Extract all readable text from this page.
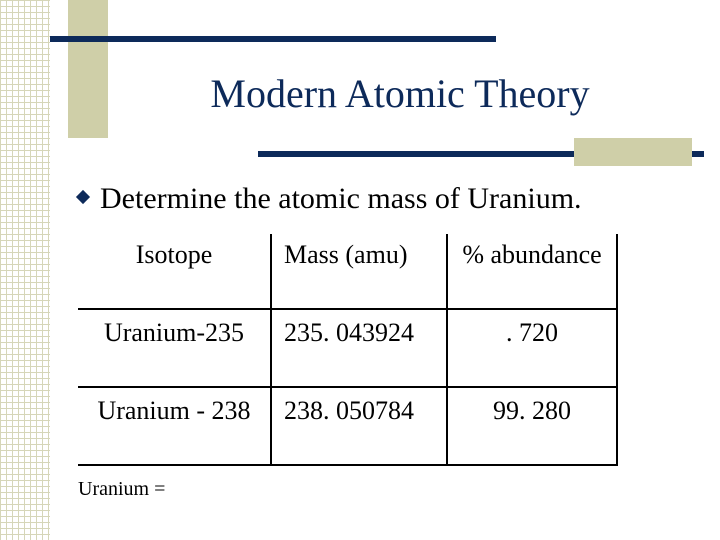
Modern Atomic Theory
Determine the atomic mass of Uranium.
Isotope	Mass (amu)	% abundance
Uranium-235	235. 043924	. 720
Uranium - 238	238. 050784	99. 280
Uranium =
